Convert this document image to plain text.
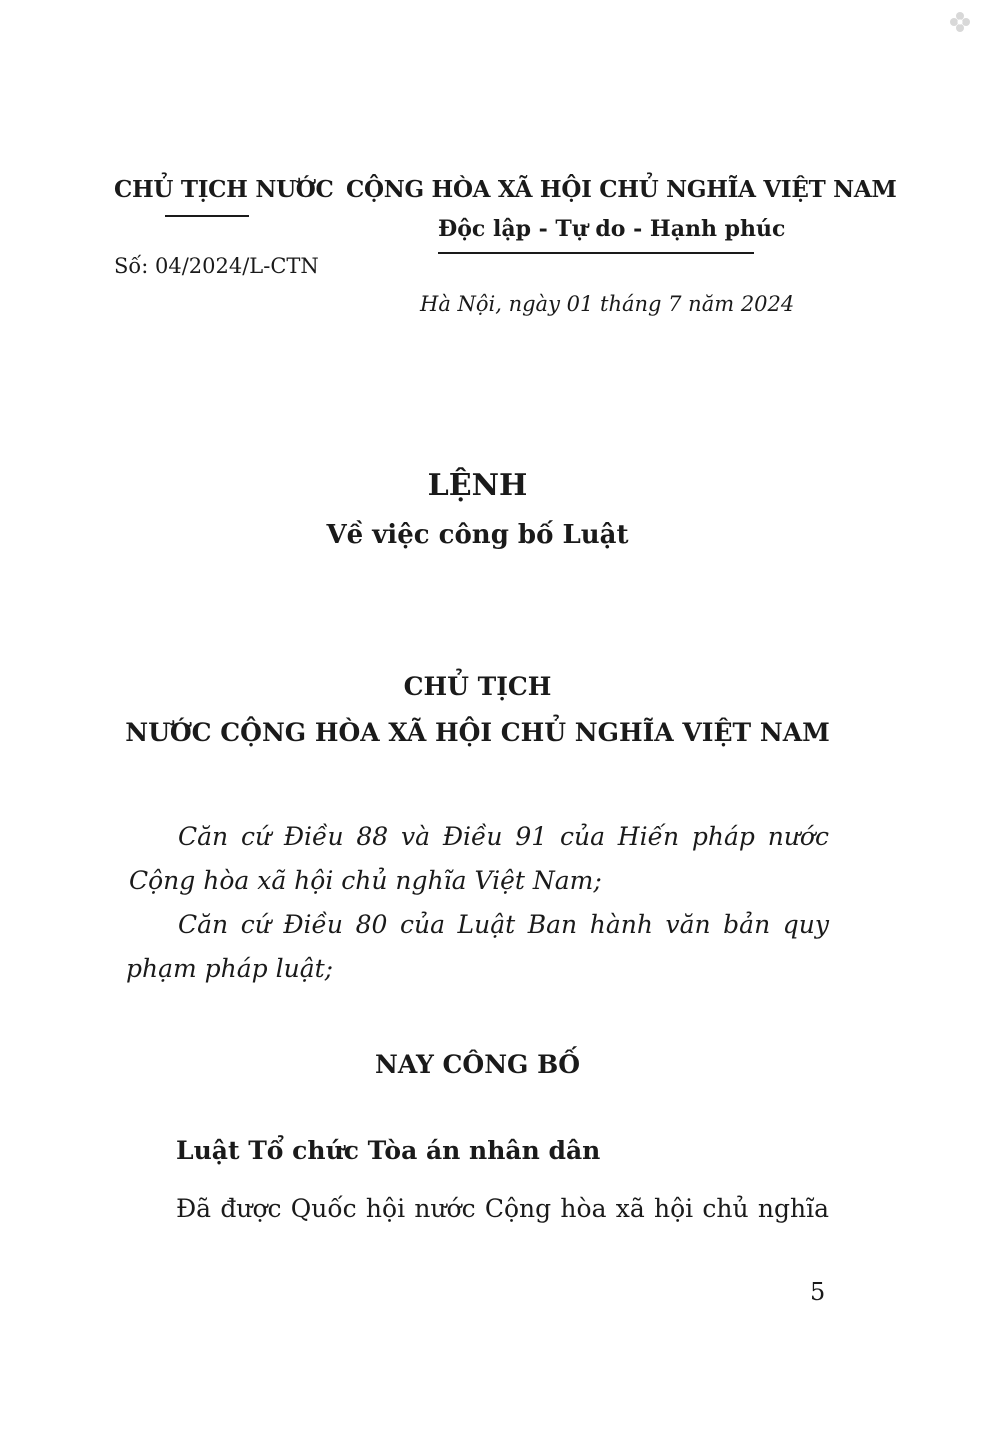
CHỦ TỊCH NƯỚC
Số: 04/2024/L-CTN
CỘNG HÒA XÃ HỘI CHỦ NGHĨA VIỆT NAM
Độc lập - Tự do - Hạnh phúc
Hà Nội, ngày 01 tháng 7 năm 2024
LỆNH
Về việc công bố Luật
CHỦ TỊCH
NƯỚC CỘNG HÒA XÃ HỘI CHỦ NGHĨA VIỆT NAM
Căn cứ Điều 88 và Điều 91 của Hiến pháp nước
Cộng hòa xã hội chủ nghĩa Việt Nam;
Căn cứ Điều 80 của Luật Ban hành văn bản quy
phạm pháp luật;
NAY CÔNG BỐ
Luật Tổ chức Tòa án nhân dân
Đã được Quốc hội nước Cộng hòa xã hội chủ nghĩa
5
